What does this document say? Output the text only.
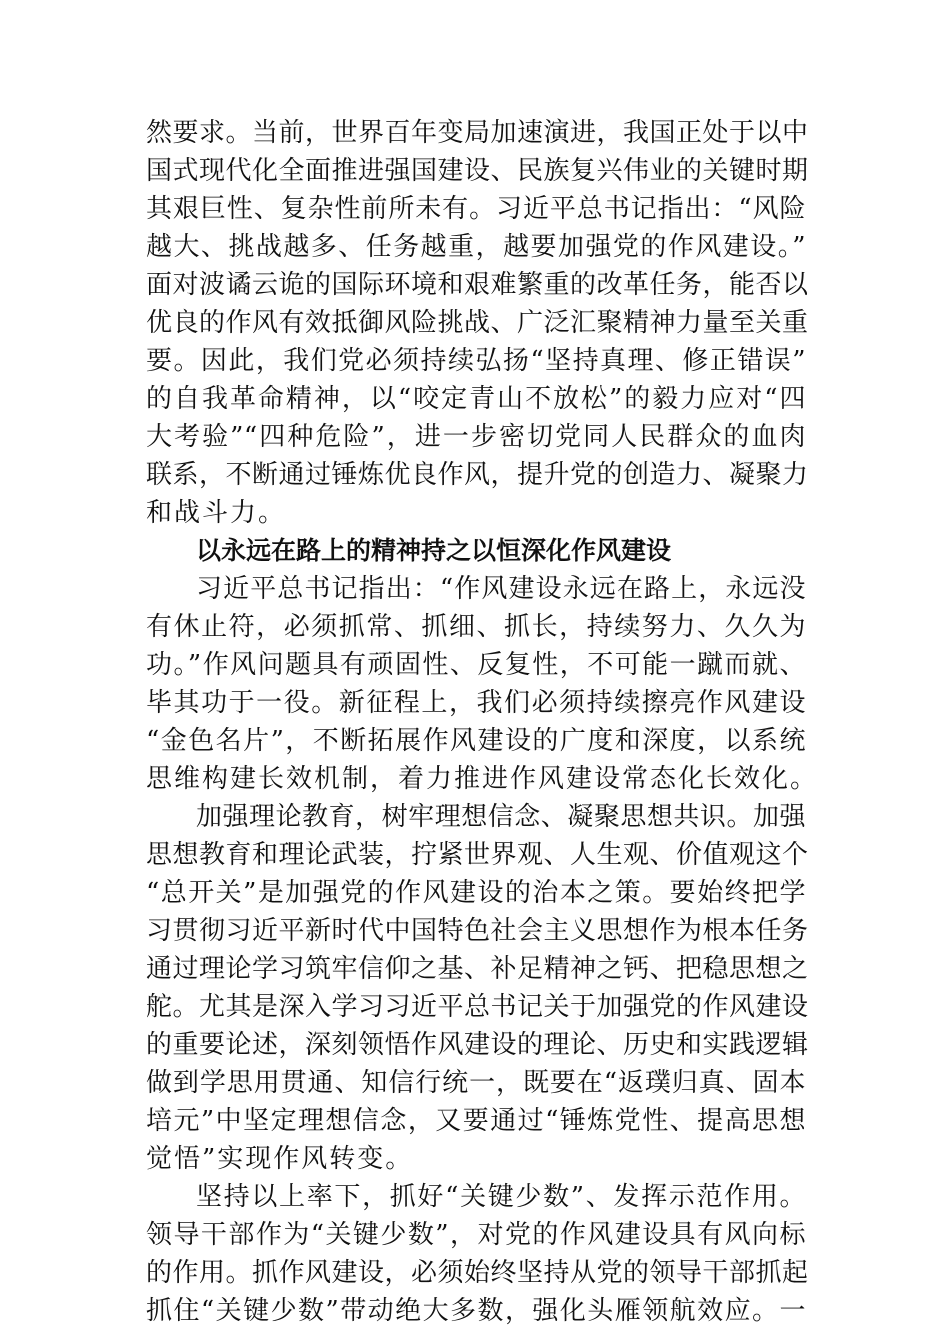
然要求。当前，世界百年变局加速演进，我国正处于以中
国式现代化全面推进强国建设、民族复兴伟业的关键时期
其艰巨性、复杂性前所未有。习近平总书记指出：“风险
越大、挑战越多、任务越重，越要加强党的作风建设。”
面对波谲云诡的国际环境和艰难繁重的改革任务，能否以
优良的作风有效抵御风险挑战、广泛汇聚精神力量至关重
要。因此，我们党必须持续弘扬“坚持真理、修正错误”
的自我革命精神，以“咬定青山不放松”的毅力应对“四
大考验”“四种危险”，进一步密切党同人民群众的血肉
联系，不断通过锤炼优良作风，提升党的创造力、凝聚力
和战斗力。
以永远在路上的精神持之以恒深化作风建设
习近平总书记指出：“作风建设永远在路上，永远没
有休止符，必须抓常、抓细、抓长，持续努力、久久为
功。”作风问题具有顽固性、反复性，不可能一蹴而就、
毕其功于一役。新征程上，我们必须持续擦亮作风建设
“金色名片”，不断拓展作风建设的广度和深度，以系统
思维构建长效机制，着力推进作风建设常态化长效化。
加强理论教育，树牢理想信念、凝聚思想共识。加强
思想教育和理论武装，拧紧世界观、人生观、价值观这个
“总开关”是加强党的作风建设的治本之策。要始终把学
习贯彻习近平新时代中国特色社会主义思想作为根本任务
通过理论学习筑牢信仰之基、补足精神之钙、把稳思想之
舵。尤其是深入学习习近平总书记关于加强党的作风建设
的重要论述，深刻领悟作风建设的理论、历史和实践逻辑
做到学思用贯通、知信行统一，既要在“返璞归真、固本
培元”中坚定理想信念，又要通过“锤炼党性、提高思想
觉悟”实现作风转变。
坚持以上率下，抓好“关键少数”、发挥示范作用。
领导干部作为“关键少数”，对党的作风建设具有风向标
的作用。抓作风建设，必须始终坚持从党的领导干部抓起
抓住“关键少数”带动绝大多数，强化头雁领航效应。一
